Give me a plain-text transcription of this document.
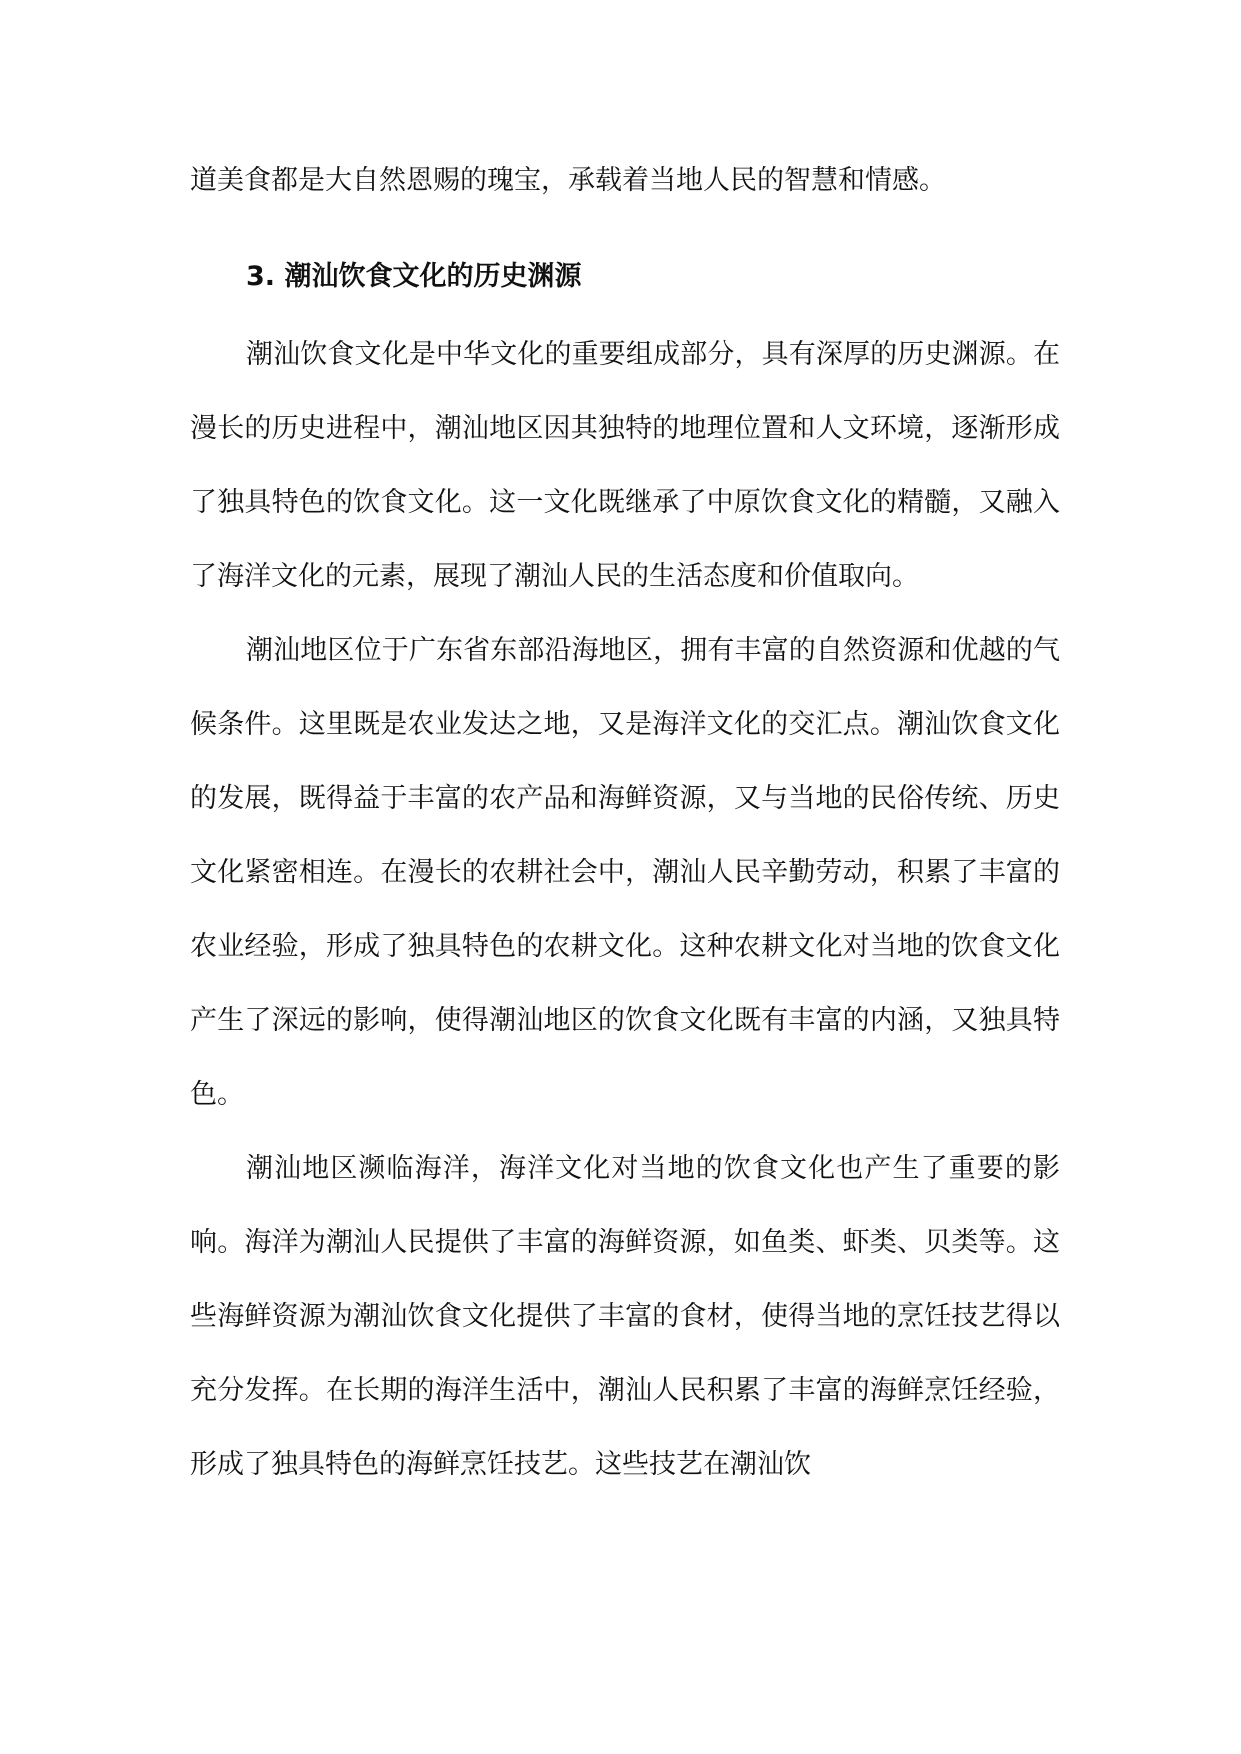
道美食都是大自然恩赐的瑰宝，承载着当地人民的智慧和情感。

3. 潮汕饮食文化的历史渊源

潮汕饮食文化是中华文化的重要组成部分，具有深厚的历史渊源。在漫长的历史进程中，潮汕地区因其独特的地理位置和人文环境，逐渐形成了独具特色的饮食文化。这一文化既继承了中原饮食文化的精髓，又融入了海洋文化的元素，展现了潮汕人民的生活态度和价值取向。

潮汕地区位于广东省东部沿海地区，拥有丰富的自然资源和优越的气候条件。这里既是农业发达之地，又是海洋文化的交汇点。潮汕饮食文化的发展，既得益于丰富的农产品和海鲜资源，又与当地的民俗传统、历史文化紧密相连。在漫长的农耕社会中，潮汕人民辛勤劳动，积累了丰富的农业经验，形成了独具特色的农耕文化。这种农耕文化对当地的饮食文化产生了深远的影响，使得潮汕地区的饮食文化既有丰富的内涵，又独具特色。

潮汕地区濒临海洋，海洋文化对当地的饮食文化也产生了重要的影响。海洋为潮汕人民提供了丰富的海鲜资源，如鱼类、虾类、贝类等。这些海鲜资源为潮汕饮食文化提供了丰富的食材，使得当地的烹饪技艺得以充分发挥。在长期的海洋生活中，潮汕人民积累了丰富的海鲜烹饪经验，形成了独具特色的海鲜烹饪技艺。这些技艺在潮汕饮
